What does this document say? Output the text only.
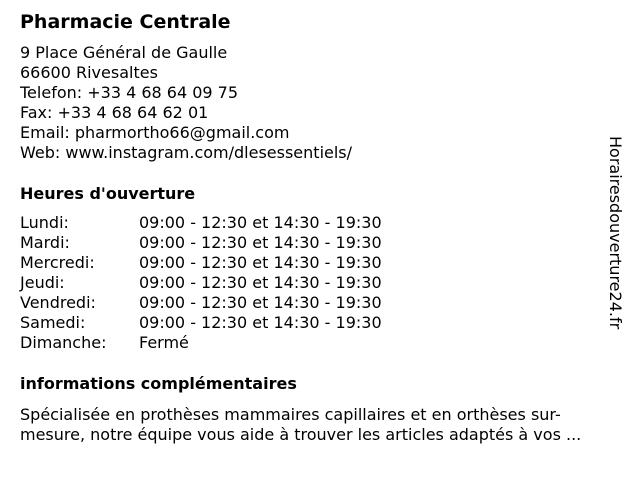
Pharmacie Centrale
9 Place Général de Gaulle
66600 Rivesaltes
Telefon: +33 4 68 64 09 75
Fax: +33 4 68 64 62 01
Email: pharmortho66@gmail.com
Web: www.instagram.com/dlesessentiels/
Heures d'ouverture
Lundi:	09:00 - 12:30 et 14:30 - 19:30
Mardi:	09:00 - 12:30 et 14:30 - 19:30
Mercredi:	09:00 - 12:30 et 14:30 - 19:30
Jeudi:	09:00 - 12:30 et 14:30 - 19:30
Vendredi:	09:00 - 12:30 et 14:30 - 19:30
Samedi:	09:00 - 12:30 et 14:30 - 19:30
Dimanche: Fermé
informations complémentaires
Spécialisée en prothèses mammaires capillaires et en orthèses sur-
mesure, notre équipe vous aide à trouver les articles adaptés à vos ...
Horairesdouverture24.fr
